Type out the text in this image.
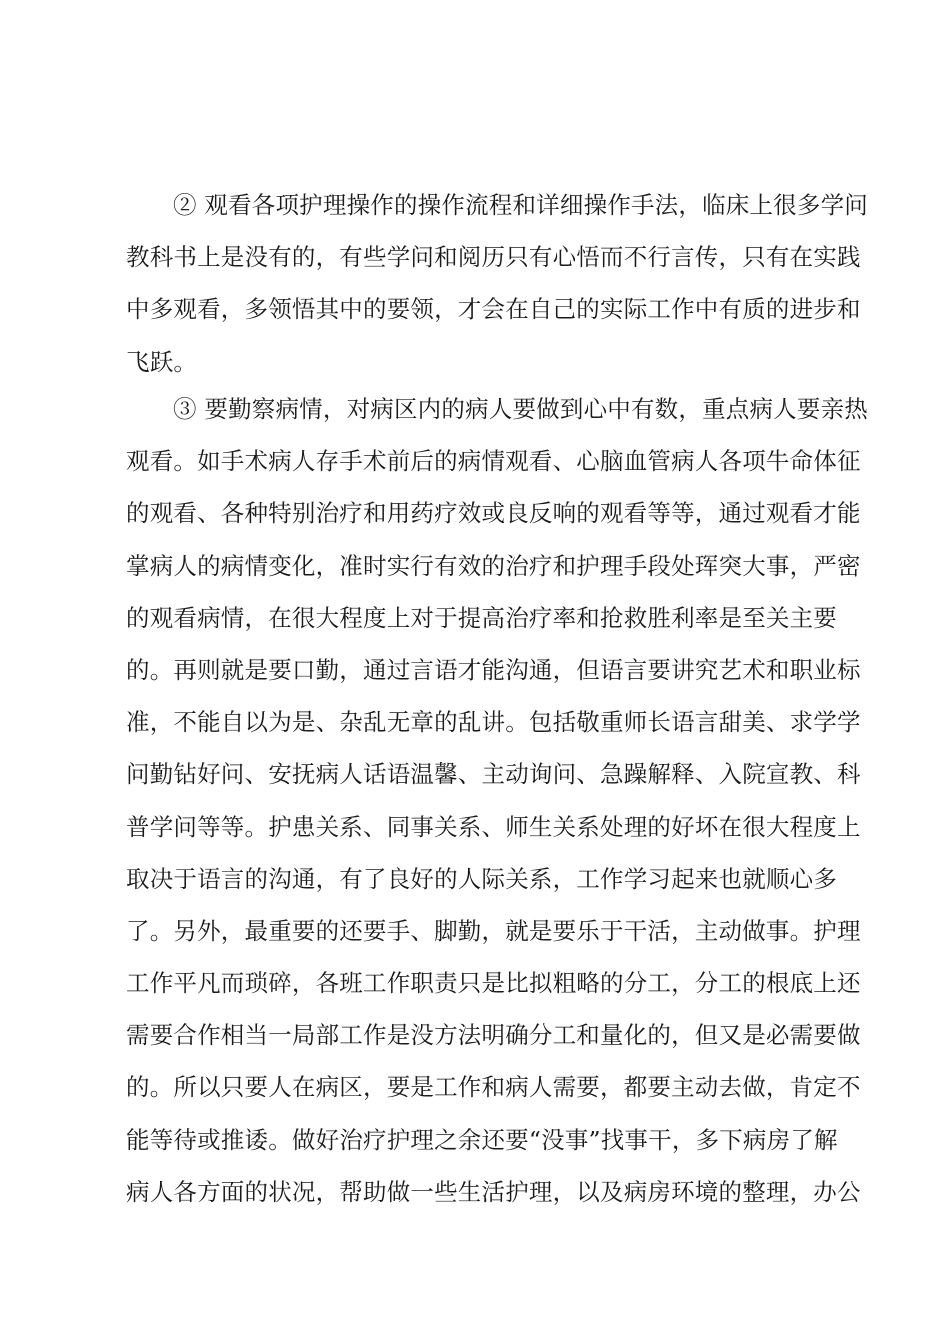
② 观看各项护理操作的操作流程和详细操作手法，临床上很多学问
教科书上是没有的，有些学问和阅历只有心悟而不行言传，只有在实践
中多观看，多领悟其中的要领，才会在自己的实际工作中有质的进步和
飞跃。
③ 要勤察病情，对病区内的病人要做到心中有数，重点病人要亲热
观看。如手术病人存手术前后的病情观看、心脑血管病人各项牛命体征
的观看、各种特别治疗和用药疗效或良反响的观看等等，通过观看才能
掌病人的病情变化，准时实行有效的治疗和护理手段处珲突大事，严密
的观看病情，在很大程度上对于提高治疗率和抢救胜利率是至关主要
的。再则就是要口勤，通过言语才能沟通，但语言要讲究艺术和职业标
准，不能自以为是、杂乱无章的乱讲。包括敬重师长语言甜美、求学学
问勤钻好问、安抚病人话语温馨、主动询问、急躁解释、入院宣教、科
普学问等等。护患关系、同事关系、师生关系处理的好坏在很大程度上
取决于语言的沟通，有了良好的人际关系，工作学习起来也就顺心多
了。另外，最重要的还要手、脚勤，就是要乐于干活，主动做事。护理
工作平凡而琐碎，各班工作职责只是比拟粗略的分工，分工的根底上还
需要合作相当一局部工作是没方法明确分工和量化的，但又是必需要做
的。所以只要人在病区，要是工作和病人需要，都要主动去做，肯定不
能等待或推诿。做好治疗护理之余还要“没事”找事干，多下病房了解
病人各方面的状况，帮助做一些生活护理，以及病房环境的整理，办公
